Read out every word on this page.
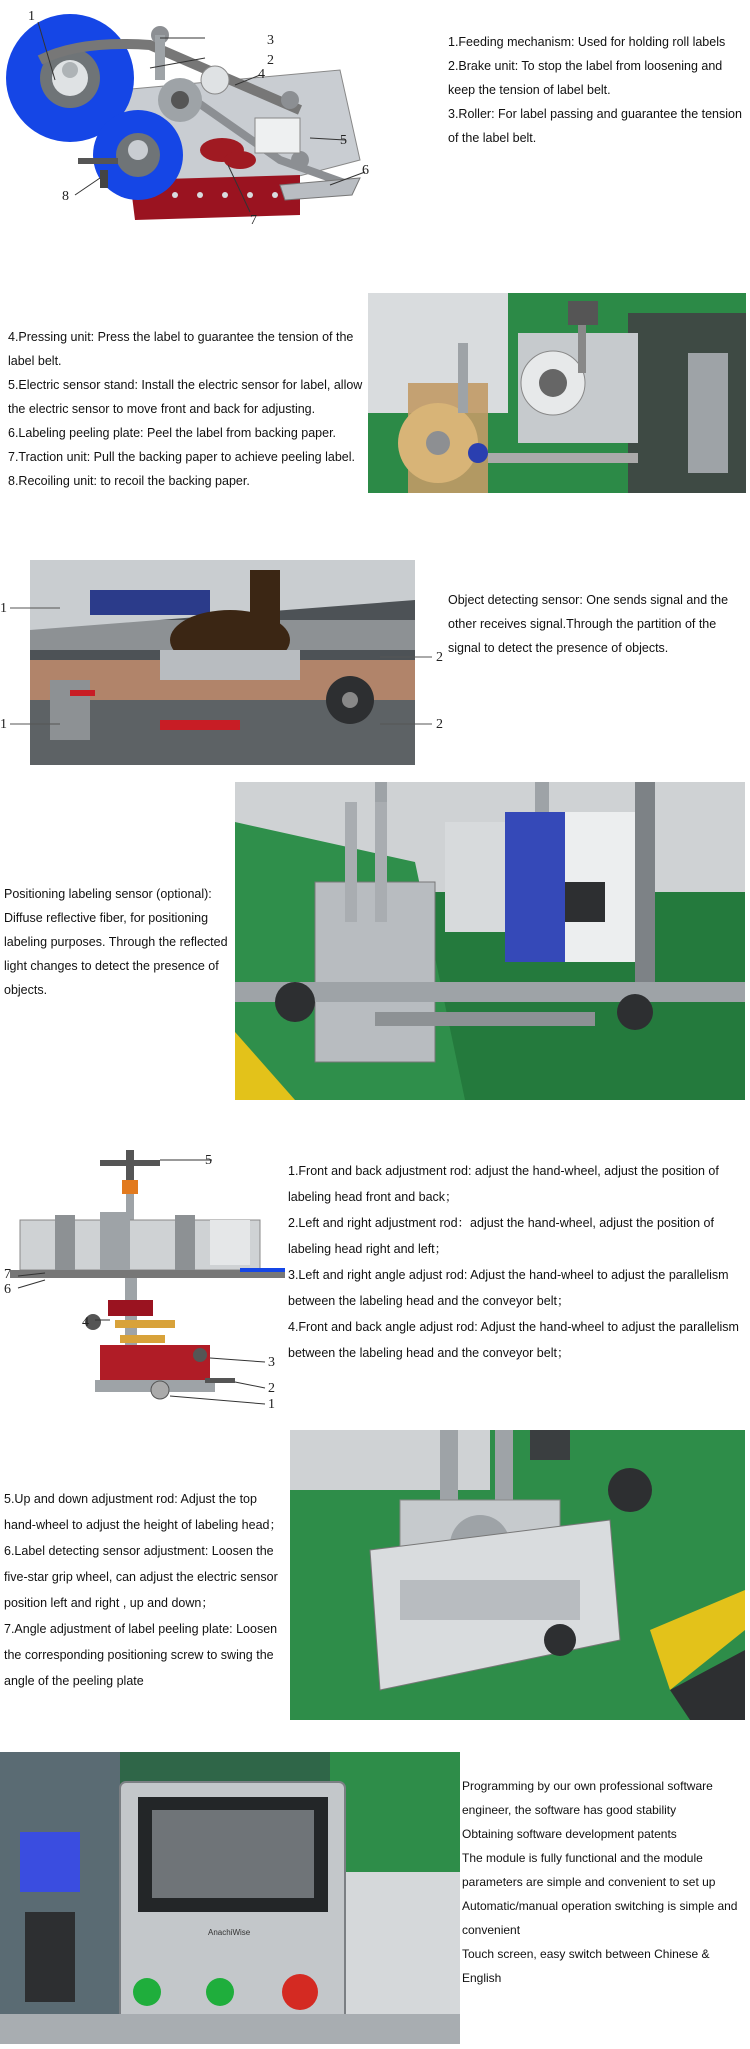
1
2
3
4
5
6
7
8

1.Feeding mechanism: Used for holding roll labels

2.Brake unit: To stop the label from loosening and keep the tension of label belt.

3.Roller: For label passing and guarantee the tension of the label belt.

4.Pressing unit: Press the label to guarantee the tension of the label belt.

5.Electric sensor stand: Install the electric sensor for label, allow the electric sensor to move front and back for adjusting.

6.Labeling peeling plate: Peel the label from backing paper.

7.Traction unit: Pull the backing paper to achieve peeling label.

8.Recoiling unit: to recoil the backing paper.

1
2
1	2

Object detecting sensor: One sends signal and the other receives signal.Through the partition of the signal to detect the presence of objects.

Positioning labeling sensor (optional): Diffuse reflective fiber, for positioning labeling purposes. Through the reflected light changes to detect the presence of objects.

5
7
6
4
3
2
1

1.Front and back adjustment rod: adjust the hand-wheel, adjust the position of labeling head front and back；

2.Left and right adjustment rod：adjust the hand-wheel, adjust the position of labeling head right and left；

3.Left and right angle adjust rod: Adjust the hand-wheel to adjust the parallelism between the labeling head and the conveyor belt；

4.Front and back angle adjust rod: Adjust the hand-wheel to adjust the parallelism between the labeling head and the conveyor belt；

5.Up and down adjustment rod: Adjust the top hand-wheel to adjust the height of labeling head；

6.Label detecting sensor adjustment: Loosen the five-star grip wheel, can adjust the electric sensor position left and right , up and down；

7.Angle adjustment of label peeling plate: Loosen the corresponding positioning screw to swing the angle of the peeling plate

AnachiWise

Programming by our own professional software engineer, the software has good stability

Obtaining software development patents

The module is fully functional and the module parameters are simple and convenient to set up

Automatic/manual operation switching is simple and convenient

Touch screen, easy switch between Chinese & English
